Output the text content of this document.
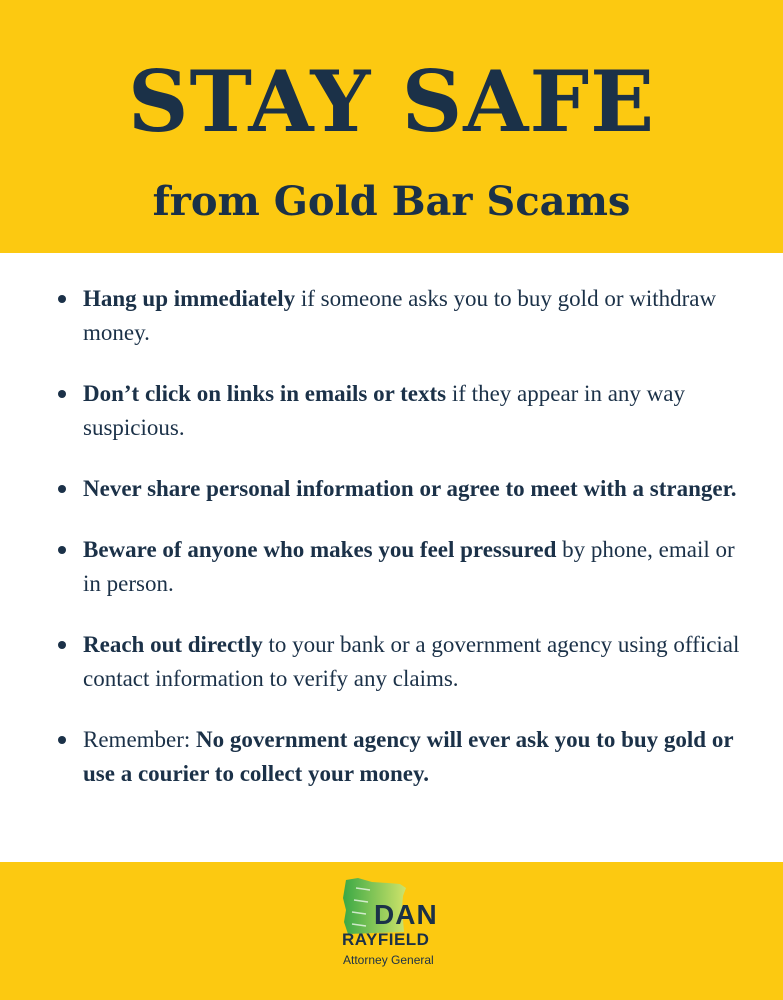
STAY SAFE
from Gold Bar Scams
Hang up immediately if someone asks you to buy gold or withdraw money.
Don’t click on links in emails or texts if they appear in any way suspicious.
Never share personal information or agree to meet with a stranger.
Beware of anyone who makes you feel pressured by phone, email or in person.
Reach out directly to your bank or a government agency using official contact information to verify any claims.
Remember: No government agency will ever ask you to buy gold or use a courier to collect your money.
DAN
RAYFIELD
Attorney General
